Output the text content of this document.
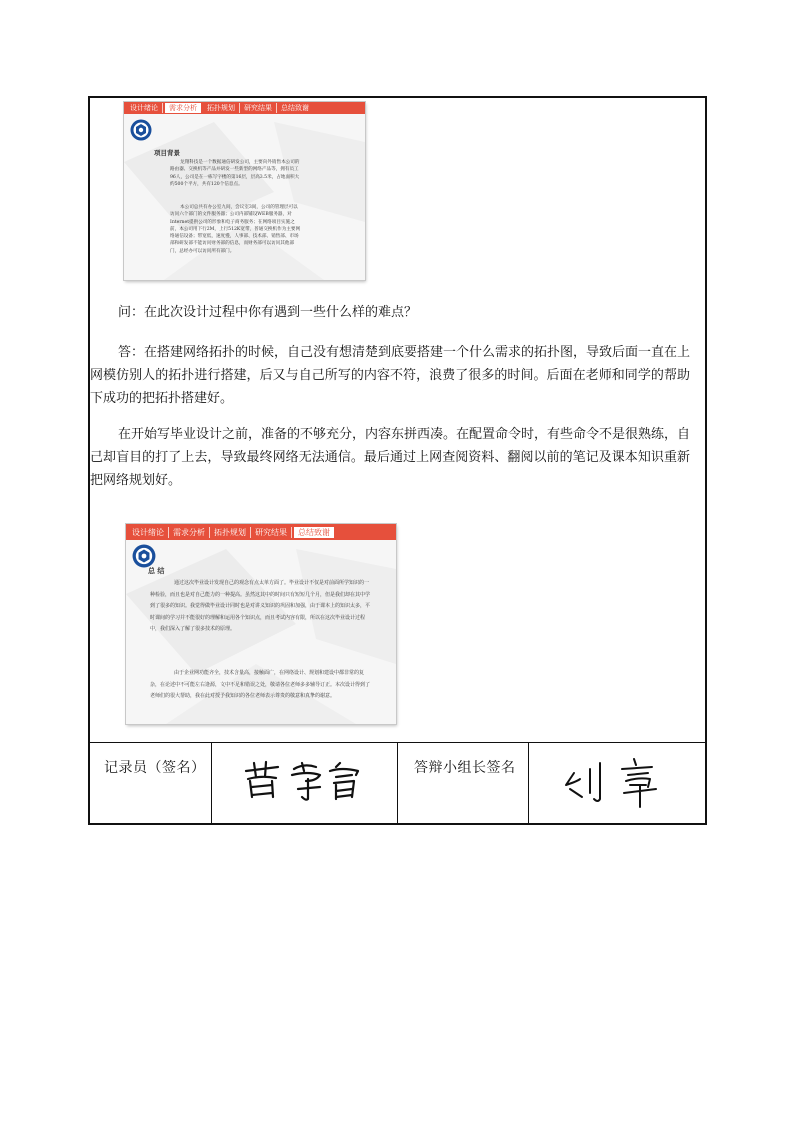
设计绪论	需求分析	拓扑规划	研究结果	总结致谢
项目背景
龙翔科技是一个数据通信研发公司，主要向外销售本公司的路由器、交换机等产品并研发一些新型的网络产品等，拥有员工96人，公司是在一栋写字楼的第16层，层高3.5米，占地面积大约500个平方，共有120个信息点。
本公司总共有办公室九间，会议室3间，公司的管理层可以访问六个部门的文件服务器；公司内部铺设WEB服务器，对Internet提供公司的形象和电子商务服务；在网络项目实施之前，本公司用下行2M，上行512K宽带，普通交换机作为主要网络通信设备；带宽低，速度慢，人事部、技术部、销售部、市场部和研发部不能访问财务部的信息，而财务部可以访问其他部门，总经办可以访问所有部门。
问：在此次设计过程中你有遇到一些什么样的难点？
答：在搭建网络拓扑的时候，自己没有想清楚到底要搭建一个什么需求的拓扑图，导致后面一直在上网模仿别人的拓扑进行搭建，后又与自己所写的内容不符，浪费了很多的时间。后面在老师和同学的帮助下成功的把拓扑搭建好。
在开始写毕业设计之前，准备的不够充分，内容东拼西凑。在配置命令时，有些命令不是很熟练，自己却盲目的打了上去，导致最终网络无法通信。最后通过上网查阅资料、翻阅以前的笔记及课本知识重新把网络规划好。
设计绪论	需求分析	拓扑规划	研究结果	总结致谢
总 结
通过这次毕业设计发现自己的观念有点太单方面了。毕业设计不仅是对前面所学知识的一种检验，而且也是对自己能力的一种提高。虽然这其中的时间只有短短几个月，但是我们却在其中学到了很多的知识。我觉得做毕业设计同时也是对讲义知识的巩固和加强，由于课本上的知识太多，平时课间的学习并不能很好的理解和运用各个知识点，而且考试内容有限，所以在这次毕业设计过程中，我们深入了解了很多技术的原理。
由于企业网功能齐全，技术含量高，接触面广，在网络设计、规划和建设中都非常的复杂，在论述中不可能左右逢源，文中不足和错误之处，敬请各位老师多多辅导订正。本次设计得到了老师们的很大帮助，我在此对授予我知识的各位老师表示尊贵的敬意和真挚的谢意。
记录员（签名）	答辩小组长签名
